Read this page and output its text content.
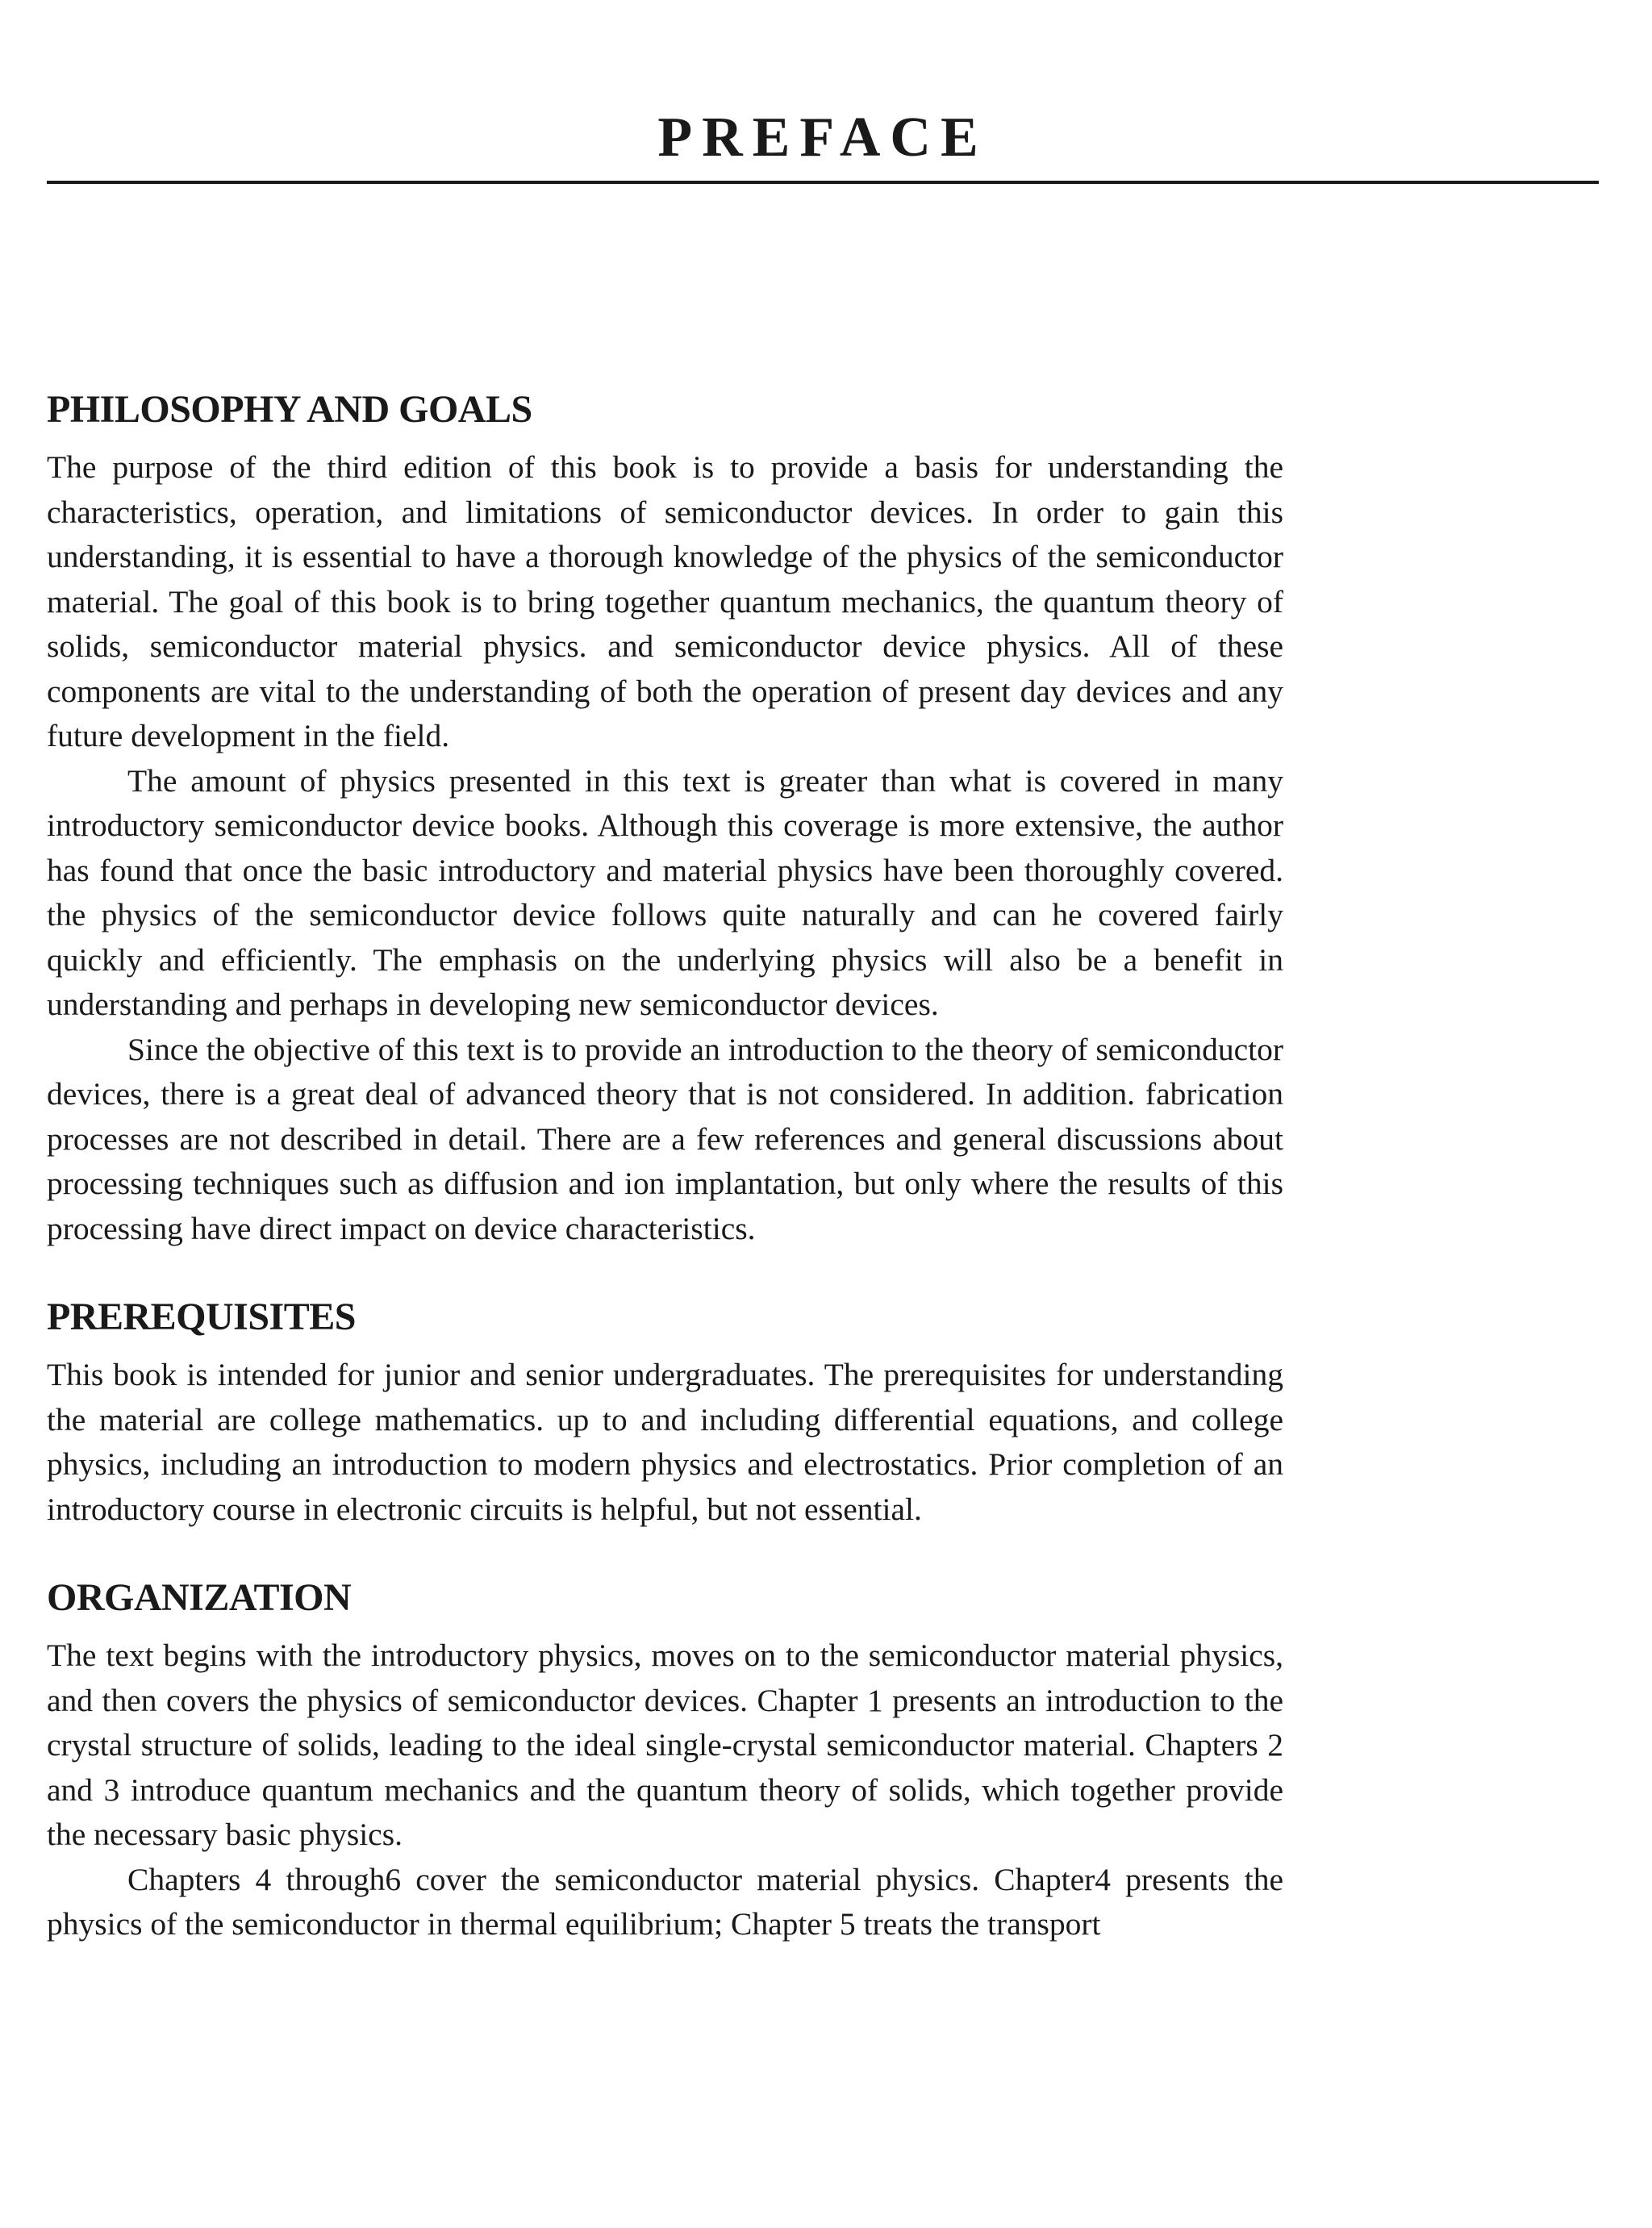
PREFACE
PHILOSOPHY AND GOALS

The purpose of the third edition of this book is to provide a basis for understanding the characteristics, operation, and limitations of semiconductor devices. In order to gain this understanding, it is essential to have a thorough knowledge of the physics of the semiconductor material. The goal of this book is to bring together quantum mechanics, the quantum theory of solids, semiconductor material physics. and semiconductor device physics. All of these components are vital to the understanding of both the operation of present day devices and any future development in the field.

The amount of physics presented in this text is greater than what is covered in many introductory semiconductor device books. Although this coverage is more extensive, the author has found that once the basic introductory and material physics have been thoroughly covered. the physics of the semiconductor device follows quite naturally and can he covered fairly quickly and efficiently. The emphasis on the underlying physics will also be a benefit in understanding and perhaps in developing new semiconductor devices.

Since the objective of this text is to provide an introduction to the theory of semiconductor devices, there is a great deal of advanced theory that is not considered. In addition. fabrication processes are not described in detail. There are a few references and general discussions about processing techniques such as diffusion and ion implantation, but only where the results of this processing have direct impact on device characteristics.

PREREQUISITES

This book is intended for junior and senior undergraduates. The prerequisites for understanding the material are college mathematics. up to and including differential equations, and college physics, including an introduction to modern physics and electrostatics. Prior completion of an introductory course in electronic circuits is helpful, but not essential.

ORGANIZATION

The text begins with the introductory physics, moves on to the semiconductor material physics, and then covers the physics of semiconductor devices. Chapter 1 presents an introduction to the crystal structure of solids, leading to the ideal single-crystal semiconductor material. Chapters 2 and 3 introduce quantum mechanics and the quantum theory of solids, which together provide the necessary basic physics.

Chapters 4 through6 cover the semiconductor material physics. Chapter4 presents the physics of the semiconductor in thermal equilibrium; Chapter 5 treats the transport
